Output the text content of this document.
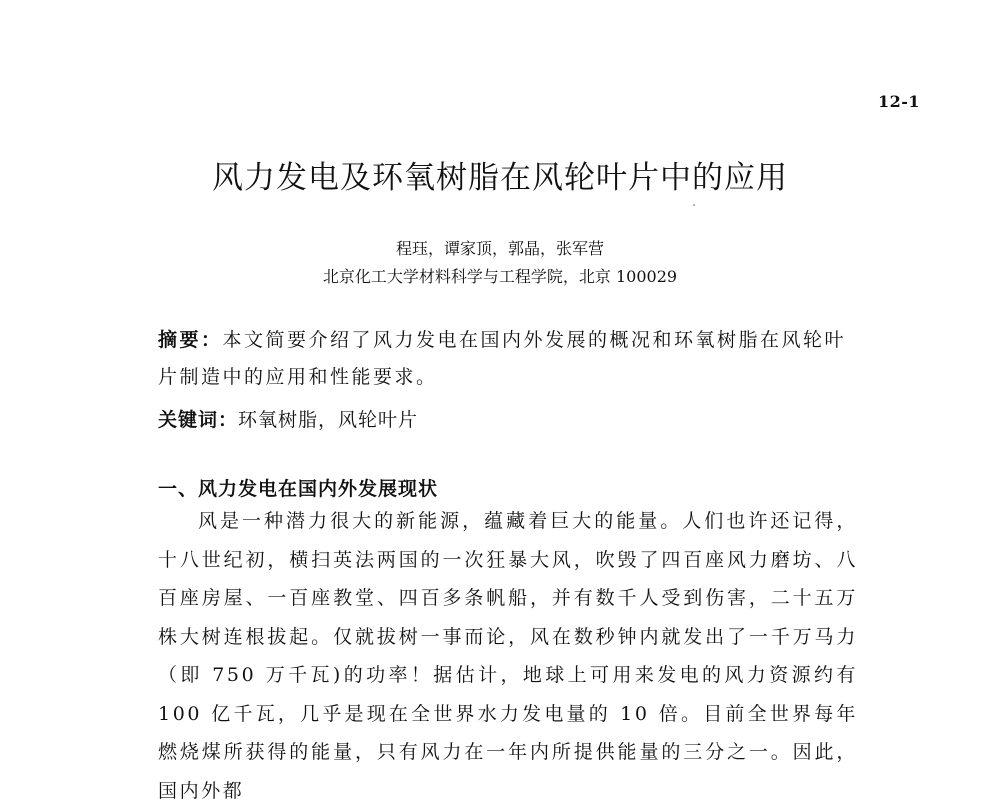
12-1
风力发电及环氧树脂在风轮叶片中的应用
程珏，谭家顶，郭晶，张军营
北京化工大学材料科学与工程学院，北京 100029

摘要：本文简要介绍了风力发电在国内外发展的概况和环氧树脂在风轮叶片制造中的应用和性能要求。

关键词：环氧树脂，风轮叶片

一、风力发电在国内外发展现状

风是一种潜力很大的新能源，蕴藏着巨大的能量。人们也许还记得，十八世纪初，横扫英法两国的一次狂暴大风，吹毁了四百座风力磨坊、八百座房屋、一百座教堂、四百多条帆船，并有数千人受到伤害，二十五万株大树连根拔起。仅就拔树一事而论，风在数秒钟内就发出了一千万马力（即 750 万千瓦)的功率！据估计，地球上可用来发电的风力资源约有 100 亿千瓦，几乎是现在全世界水力发电量的 10 倍。目前全世界每年燃烧煤所获得的能量，只有风力在一年内所提供能量的三分之一。因此，国内外都
